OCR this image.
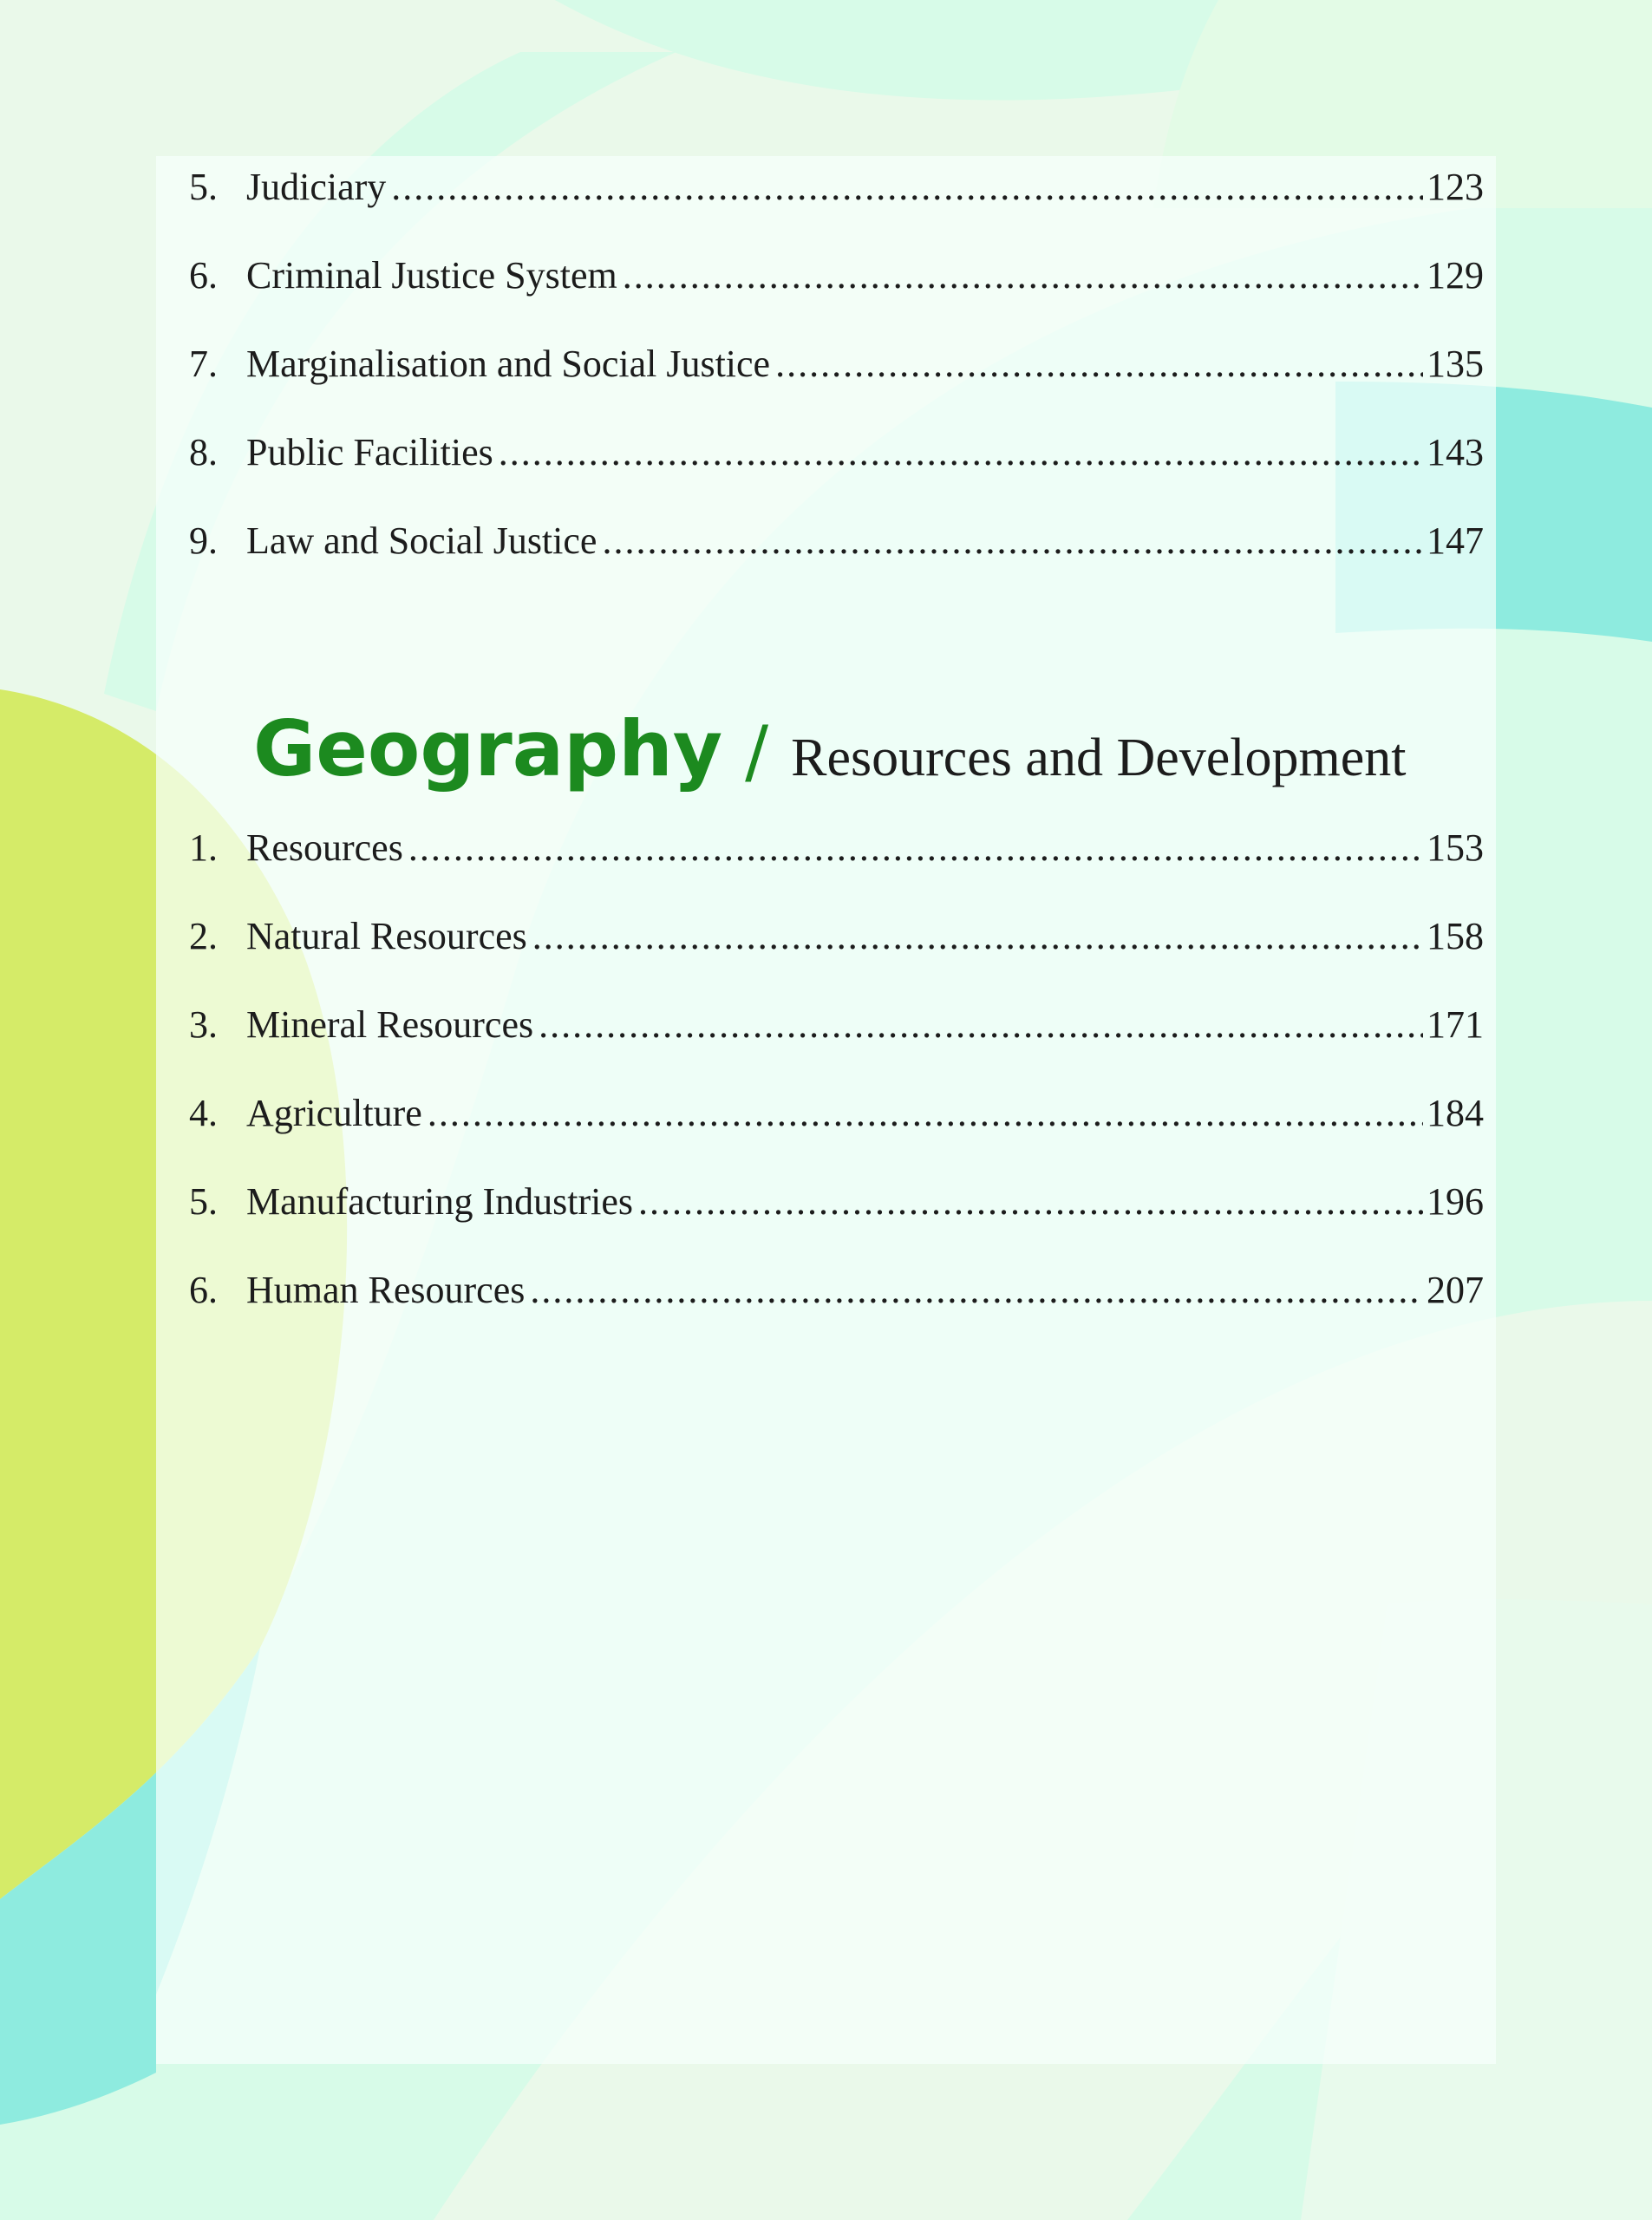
5. Judiciary .....	123
6. Criminal Justice System .....	129
7. Marginalisation and Social Justice .....	135
8. Public Facilities .....	143
9. Law and Social Justice .....	147
Geography / Resources and Development
1. Resources .....	153
2. Natural Resources .....	158
3. Mineral Resources .....	171
4. Agriculture .....	184
5. Manufacturing Industries .....	196
6. Human Resources .....	207
